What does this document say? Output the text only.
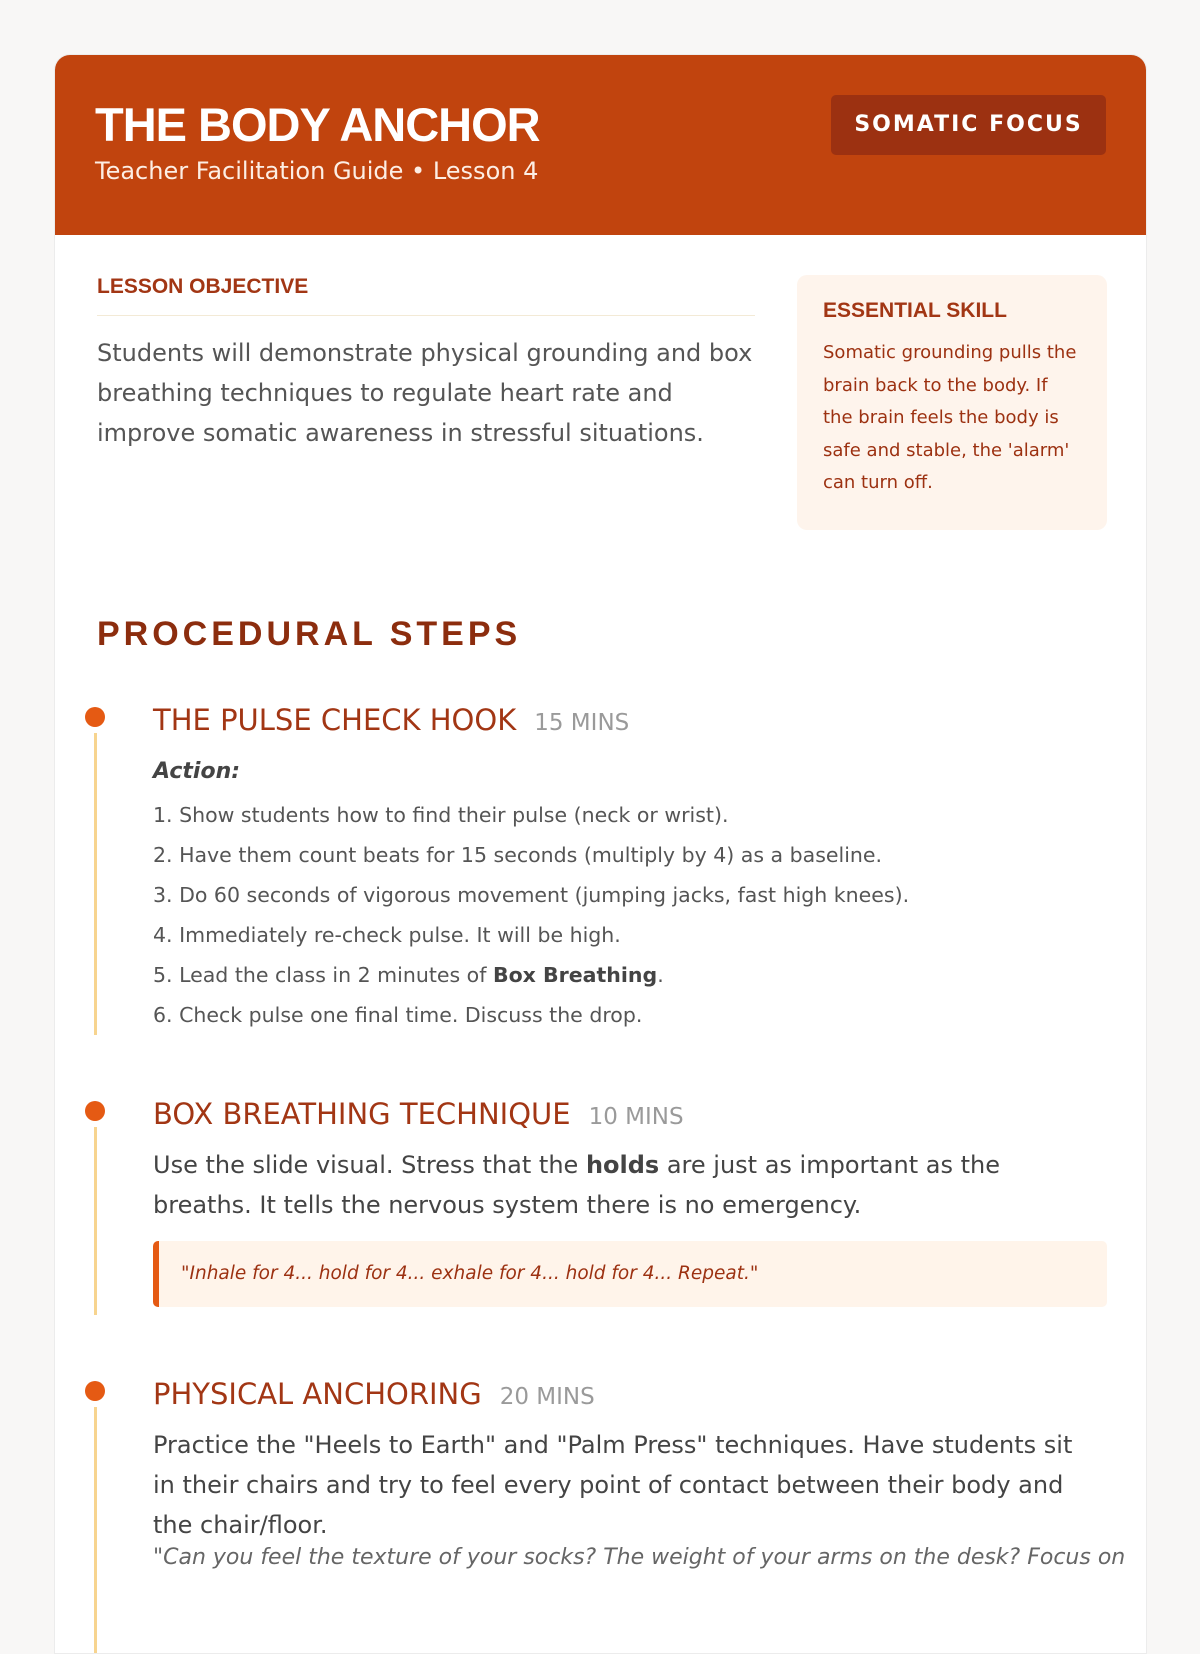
THE BODY ANCHOR
Teacher Facilitation Guide • Lesson 4
SOMATIC FOCUS
LESSON OBJECTIVE
Students will demonstrate physical grounding and box breathing techniques to regulate heart rate and improve somatic awareness in stressful situations.
ESSENTIAL SKILL
Somatic grounding pulls the brain back to the body. If the brain feels the body is safe and stable, the 'alarm' can turn off.
PROCEDURAL STEPS
THE PULSE CHECK HOOK 15 MINS
Action:
1. Show students how to find their pulse (neck or wrist).
2. Have them count beats for 15 seconds (multiply by 4) as a baseline.
3. Do 60 seconds of vigorous movement (jumping jacks, fast high knees).
4. Immediately re-check pulse. It will be high.
5. Lead the class in 2 minutes of Box Breathing.
6. Check pulse one final time. Discuss the drop.
BOX BREATHING TECHNIQUE 10 MINS
Use the slide visual. Stress that the holds are just as important as the breaths. It tells the nervous system there is no emergency.
"Inhale for 4... hold for 4... exhale for 4... hold for 4... Repeat."
PHYSICAL ANCHORING 20 MINS
Practice the "Heels to Earth" and "Palm Press" techniques. Have students sit in their chairs and try to feel every point of contact between their body and the chair/floor.
"Can you feel the texture of your socks? The weight of your arms on the desk? Focus on
